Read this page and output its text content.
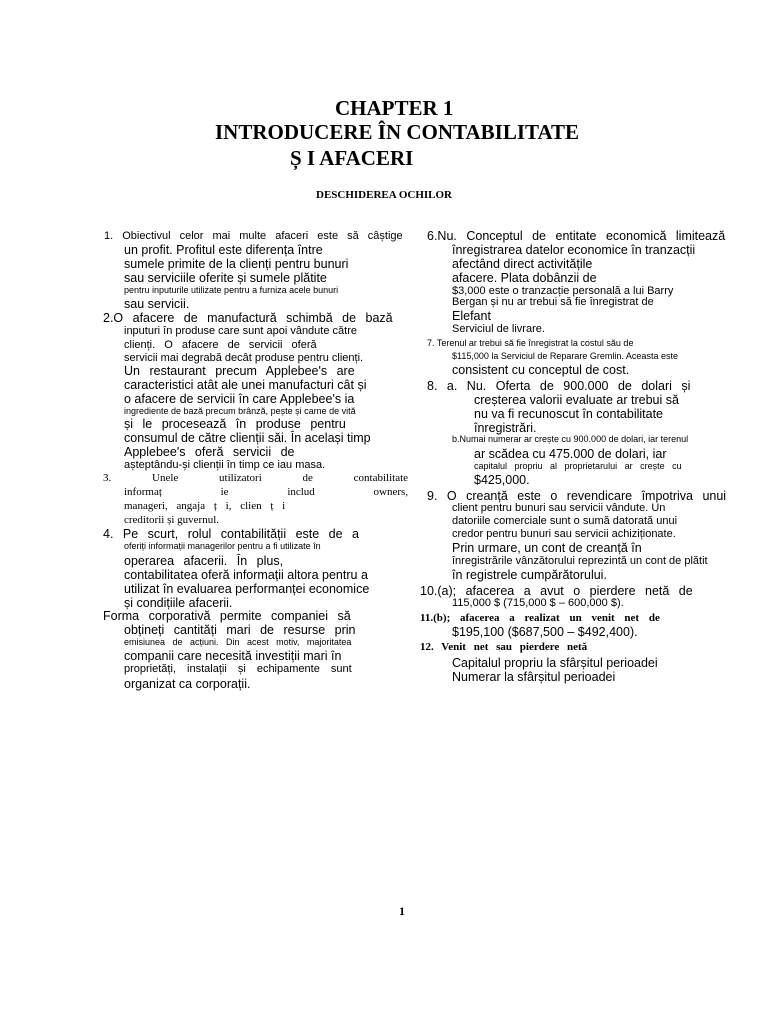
CHAPTER 1
INTRODUCERE ÎN CONTABILITATE
Ș I AFACERI
DESCHIDEREA OCHILOR
1. Obiectivul celor mai multe afaceri este să câștige
un profit. Profitul este diferența între
sumele primite de la clienți pentru bunuri
sau serviciile oferite și sumele plătite
pentru inputurile utilizate pentru a furniza acele bunuri
sau servicii.
2.O afacere de manufactură schimbă de bază
inputuri în produse care sunt apoi vândute către
clienți. O afacere de servicii oferă
servicii mai degrabă decât produse pentru clienți.
Un restaurant precum Applebee's are
caracteristici atât ale unei manufacturi cât și
o afacere de servicii în care Applebee's ia
ingrediente de bază precum brânză, pește și carne de vită
și le procesează în produse pentru
consumul de către clienții săi. În același timp
Applebee's oferă servicii de
așteptându-și clienții în timp ce iau masa.
3. Unele utilizatori de contabilitate
informaț ie includ owners,
manageri, angaja ț i, clien ț i
creditorii și guvernul.
4. Pe scurt, rolul contabilității este de a
oferiți informații managerilor pentru a fi utilizate în
operarea afacerii. În plus,
contabilitatea oferă informații altora pentru a
utilizat în evaluarea performanței economice
și condițiile afacerii.
Forma corporativă permite companiei să
obțineți cantități mari de resurse prin
emisiunea de acțiuni. Din acest motiv, majoritatea
companii care necesită investiții mari în
proprietăți, instalații și echipamente sunt
organizat ca corporații.
6.Nu. Conceptul de entitate economică limitează
înregistrarea datelor economice în tranzacții
afectând direct activitățile
afacere. Plata dobânzii de
$3,000 este o tranzacție personală a lui Barry
Bergan și nu ar trebui să fie înregistrat de
Elefant
Serviciul de livrare.
7. Terenul ar trebui să fie înregistrat la costul său de
$115,000 la Serviciul de Reparare Gremlin. Aceasta este
consistent cu conceptul de cost.
8. a. Nu. Oferta de 900.000 de dolari și
creșterea valorii evaluate ar trebui să
nu va fi recunoscut în contabilitate
înregistrări.
b.Numai numerar ar crește cu 900.000 de dolari, iar terenul
ar scădea cu 475.000 de dolari, iar
capitalul propriu al proprietarului ar crește cu
$425,000.
9. O creanță este o revendicare împotriva unui
client pentru bunuri sau servicii vândute. Un
datoriile comerciale sunt o sumă datorată unui
credor pentru bunuri sau servicii achiziționate.
Prin urmare, un cont de creanță în
înregistrările vânzătorului reprezintă un cont de plătit
în registrele cumpărătorului.
10.(a); afacerea a avut o pierdere netă de
115,000 $ (715,000 $ – 600,000 $).
11.(b); afacerea a realizat un venit net de
$195,100 ($687,500 – $492,400).
12. Venit net sau pierdere netă
Capitalul propriu la sfârșitul perioadei
Numerar la sfârșitul perioadei
1
